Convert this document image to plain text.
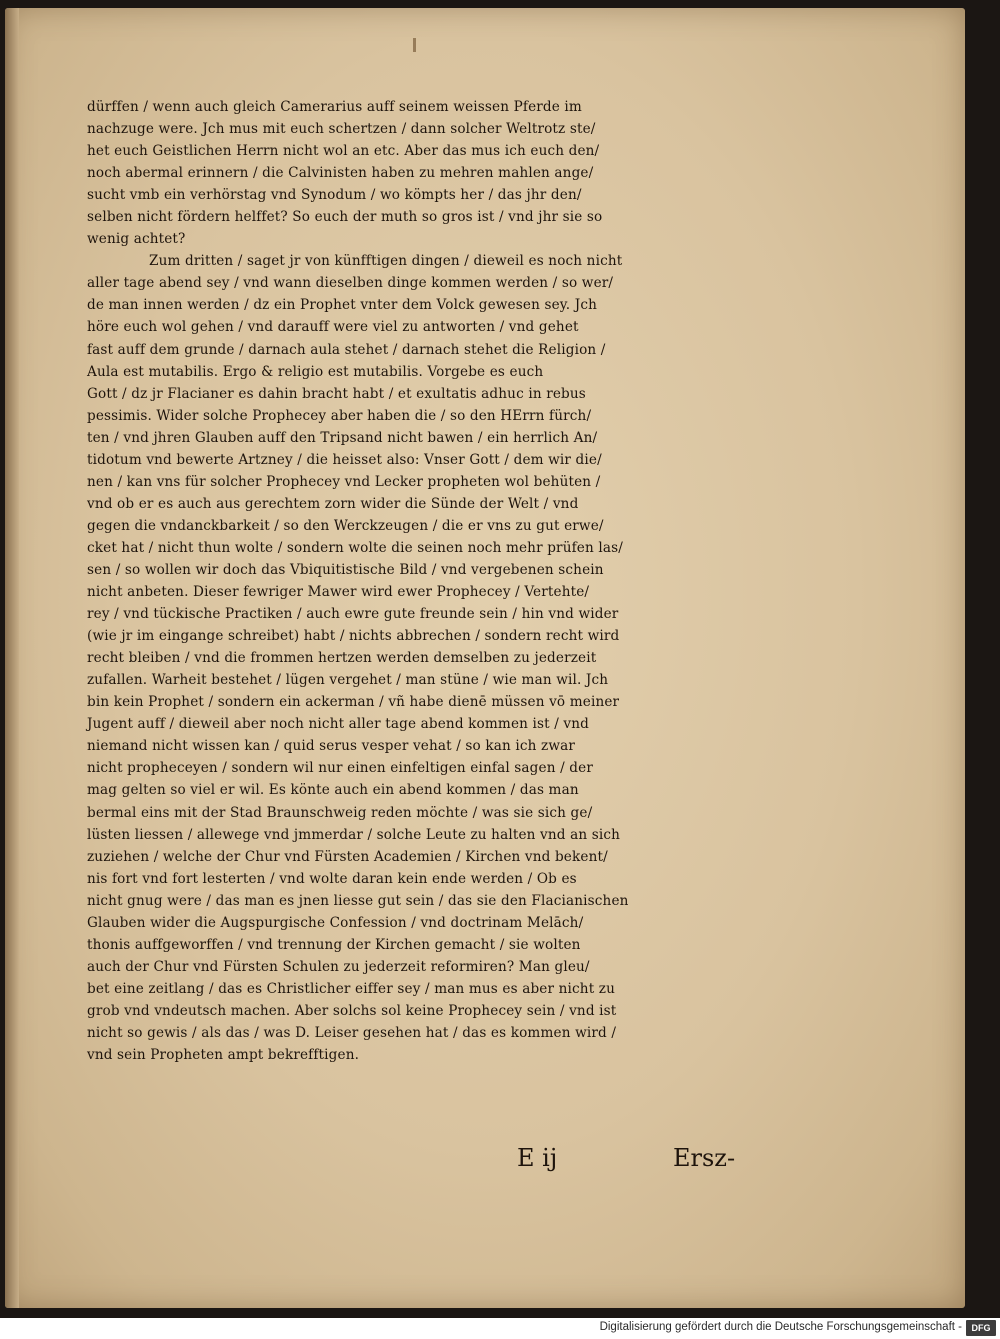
dürffen / wenn auch gleich Camerarius auff seinem weissen Pferde im
nachzuge were. Jch mus mit euch schertzen / dann solcher Weltrotz ste/
het euch Geistlichen Herrn nicht wol an etc. Aber das mus ich euch den/
noch abermal erinnern / die Calvinisten haben zu mehren mahlen ange/
sucht vmb ein verhörstag vnd Synodum / wo kömpts her / das jhr den/
selben nicht fördern helffet? So euch der muth so gros ist / vnd jhr sie so
wenig achtet?
Zum dritten / saget jr von künfftigen dingen / dieweil es noch nicht
aller tage abend sey / vnd wann dieselben dinge kommen werden / so wer/
de man innen werden / dz ein Prophet vnter dem Volck gewesen sey. Jch
höre euch wol gehen / vnd darauff were viel zu antworten / vnd gehet
fast auff dem grunde / darnach aula stehet / darnach stehet die Religion /
Aula est mutabilis. Ergo & religio est mutabilis. Vorgebe es euch
Gott / dz jr Flacianer es dahin bracht habt / et exultatis adhuc in rebus
pessimis. Wider solche Prophecey aber haben die / so den HErrn fürch/
ten / vnd jhren Glauben auff den Tripsand nicht bawen / ein herrlich An/
tidotum vnd bewerte Artzney / die heisset also: Vnser Gott / dem wir die/
nen / kan vns für solcher Prophecey vnd Lecker propheten wol behüten /
vnd ob er es auch aus gerechtem zorn wider die Sünde der Welt / vnd
gegen die vndanckbarkeit / so den Werckzeugen / die er vns zu gut erwe/
cket hat / nicht thun wolte / sondern wolte die seinen noch mehr prüfen las/
sen / so wollen wir doch das Vbiquitistische Bild / vnd vergebenen schein
nicht anbeten. Dieser fewriger Mawer wird ewer Prophecey / Vertehte/
rey / vnd tückische Practiken / auch ewre gute freunde sein / hin vnd wider
(wie jr im eingange schreibet) habt / nichts abbrechen / sondern recht wird
recht bleiben / vnd die frommen hertzen werden demselben zu jederzeit
zufallen. Warheit bestehet / lügen vergehet / man stüne / wie man wil. Jch
bin kein Prophet / sondern ein ackerman / vñ habe dienē müssen vō meiner
Jugent auff / dieweil aber noch nicht aller tage abend kommen ist / vnd
niemand nicht wissen kan / quid serus vesper vehat / so kan ich zwar
nicht propheceyen / sondern wil nur einen einfeltigen einfal sagen / der
mag gelten so viel er wil. Es könte auch ein abend kommen / das man
bermal eins mit der Stad Braunschweig reden möchte / was sie sich ge/
lüsten liessen / allewege vnd jmmerdar / solche Leute zu halten vnd an sich
zuziehen / welche der Chur vnd Fürsten Academien / Kirchen vnd bekent/
nis fort vnd fort lesterten / vnd wolte daran kein ende werden / Ob es
nicht gnug were / das man es jnen liesse gut sein / das sie den Flacianischen
Glauben wider die Augspurgische Confession / vnd doctrinam Melāch/
thonis auffgeworffen / vnd trennung der Kirchen gemacht / sie wolten
auch der Chur vnd Fürsten Schulen zu jederzeit reformiren? Man gleu/
bet eine zeitlang / das es Christlicher eiffer sey / man mus es aber nicht zu
grob vnd vndeutsch machen. Aber solchs sol keine Prophecey sein / vnd ist
nicht so gewis / als das / was D. Leiser gesehen hat / das es kommen wird /
vnd sein Propheten ampt bekrefftigen.
E ij	Ersz-
Digitalisierung gefördert durch die Deutsche Forschungsgemeinschaft -	DFG
